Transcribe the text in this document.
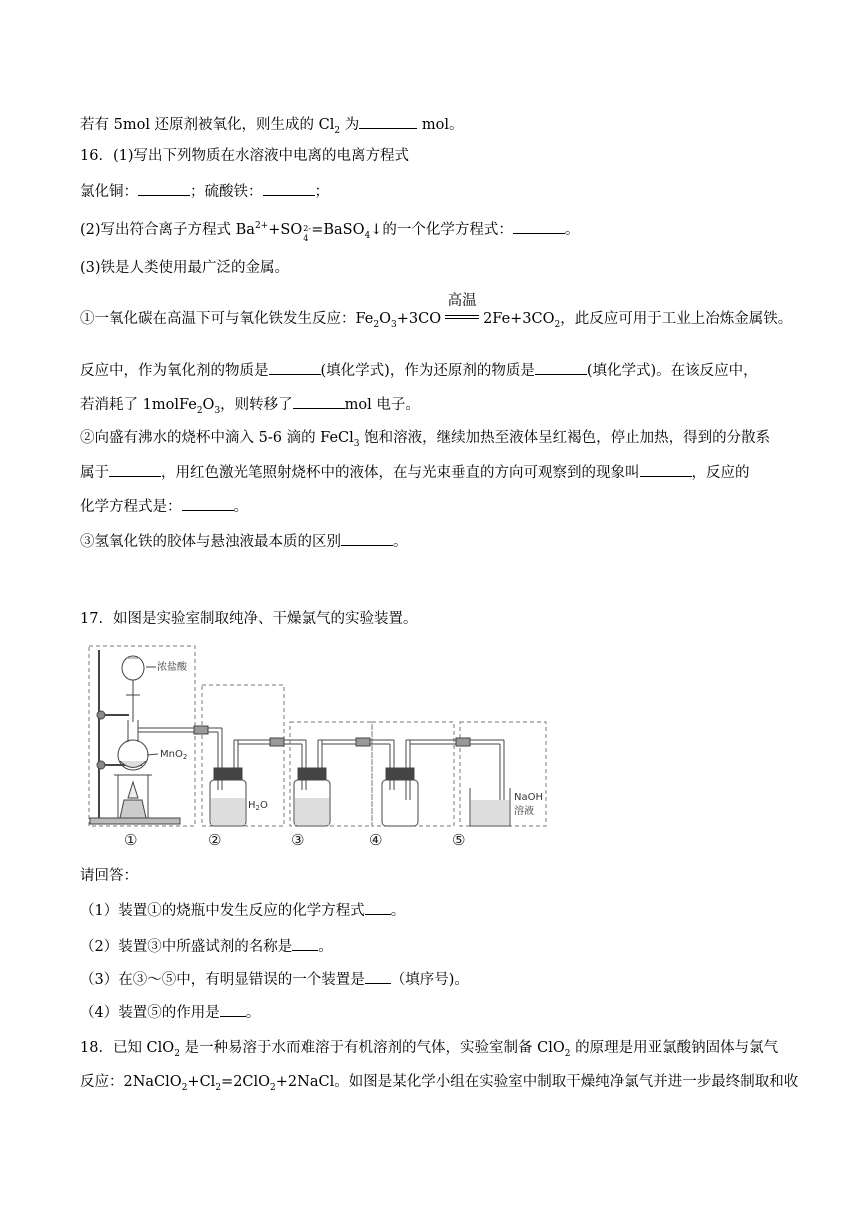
若有 5mol 还原剂被氧化，则生成的 $Cl_2$ 为	mol。
16．(1)写出下列物质在水溶液中电离的电离方程式
氯化铜：	；硫酸铁：	；
(2)写出符合离子方程式 $Ba^{2+}+SO$ 2-
4
=BaSO$_4$↓的一个化学方程式：	。
(3)铁是人类使用最广泛的金属。
①一氧化碳在高温下可与氧化铁发生反应：$Fe_2O_3+3CO$
高温
$2Fe+3CO_2$，此反应可用于工业上冶炼金属铁。
反应中，作为氧化剂的物质是	(填化学式)，作为还原剂的物质是	(填化学式)。在该反应中，
若消耗了 $1molFe_2O_3$，则转移了	mol 电子。
②向盛有沸水的烧杯中滴入 5-6 滴的 FeCl$_3$ 饱和溶液，继续加热至液体呈红褐色，停止加热，得到的分散系
属于	，用红色激光笔照射烧杯中的液体，在与光束垂直的方向可观察到的现象叫	，反应的
化学方程式是：	。
③氢氧化铁的胶体与悬浊液最本质的区别	。
17．如图是实验室制取纯净、干燥氯气的实验装置。
浓盐酸
MnO$_2$
$H_2O$
NaOH
溶液
①	②	③	④	⑤
请回答：
（1）装置①的烧瓶中发生反应的化学方程式 。
（2）装置③中所盛试剂的名称是 。
（3）在③～⑤中，有明显错误的一个装置是 （填序号)。
（4）装置⑤的作用是 。
18．已知 ClO$_2$ 是一种易溶于水而难溶于有机溶剂的气体，实验室制备 ClO$_2$ 的原理是用亚氯酸钠固体与氯气
反应：$2NaClO_2+Cl_2=2ClO_2+2NaCl$。如图是某化学小组在实验室中制取干燥纯净氯气并进一步最终制取和收
